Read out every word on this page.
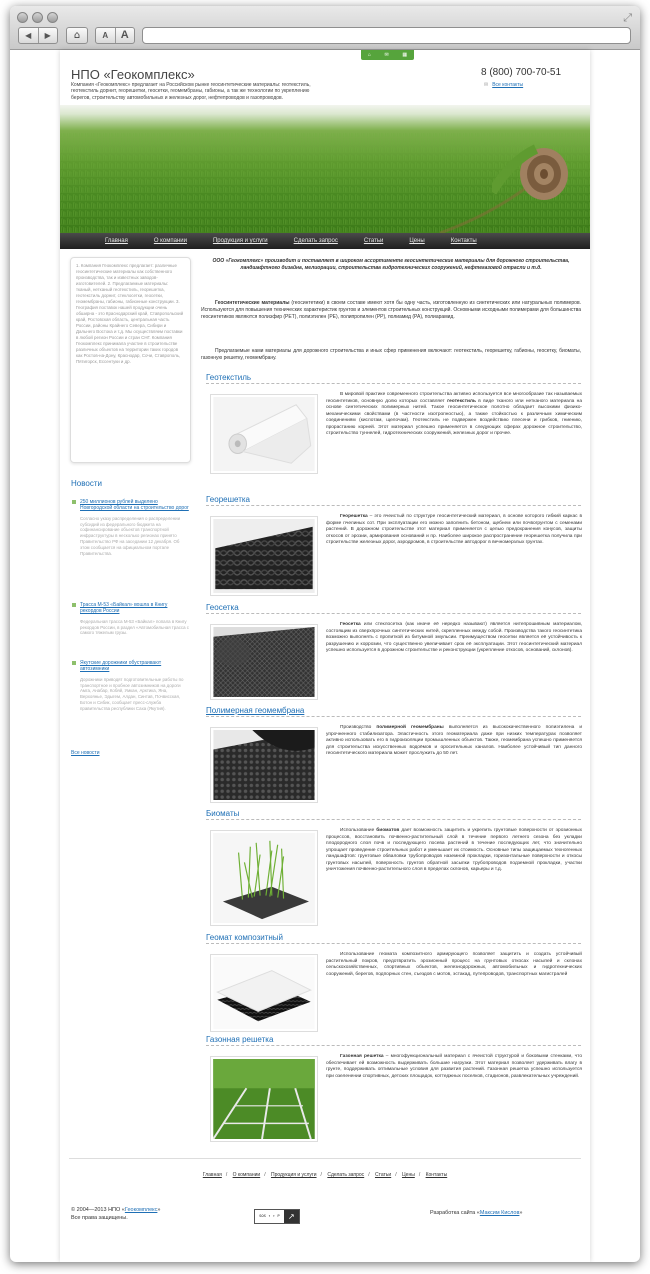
⤢
◀	▶	⌂	A	A
⌂	✉	▦
НПО «Геокомплекс»
Компания «Геокомплекс» предлагает на Российском рынке геосинтетические материалы: геотекстиль, геотекстиль дорнит, георешетки, геосетки, геомембраны, габионы, а так же технологии по укреплению берегов, строительству автомобильных и железных дорог, нефтепроводов и газопроводов.
8 (800) 700-70-51
✉ Все контакты
Главная	О компании	Продукция и услуги	Сделать запрос	Статьи	Цены	Контакты
1. Компания Геокомплекс предлагает: различные геосинтетические материалы как собственного производства, так и известных заводов-изготовителей. 2. Предлагаемые материалы: тканый, нетканый геотекстиль, георешетка, геотекстиль дорнит, стеклосетки, геосетки, геомембраны, габионы, габионные конструкции. 3. География поставок нашей продукции очень обширна - это Краснодарский край, Ставропольский край, Ростовская область, центральная часть России, районы Крайнего Севера, Сибири и Дальнего Востока и т.д. Мы осуществляем поставки в любой регион России и стран СНГ. Компания Геокомплекс принимала участие в строительстве различных объектов на территории таких городов как Ростов-на-Дону, Краснодар, Сочи, Ставрополь, Пятигорск, Ессентуки и др.
Новости
250 миллионов рублей выделено Новгородской области на строительство дорог
Согласно указу распределения о распределении субсидий из федерального бюджета на софинансирование объектов транспортной инфраструктуры в несколько регионах принято Правительство РФ на заседании 12 декабря. Об этом сообщается на официальном портале Правительства.
Трасса М-53 «Байкал» вошла в Книгу рекордов России
Федеральная трасса М-53 «Байкал» попала в Книгу рекордов России, в раздел «Автомобильная трасса с самого тяжелым грузы.
Якутские дорожники обустраивают автозимники
Дорожники приводят подготовительные работы по транспортное и пробное автозимников на дороги Амга, Анабар, Кобяй, Умкан, Арктика, Яна, Верхоянье, Эдыгем, Алдан, Синтав, Почвисская, Ботон и Сибик, сообщает пресс-служба правительства республики Саха (Якутия).
Все новости
ООО «Геокомплекс» производит и поставляет в широком ассортименте геосинтетические материалы для дорожного строительства, ландшафтного дизайна, мелиорации, строительства гидротехнических сооружений, нефтегазовой отрасли и т.д.
Геосинтетические материалы (геосинтетики) в своем составе имеют хотя бы одну часть, изготовленную из синтетических или натуральных полимеров. Используются для повышения технических характеристик грунтов и элементов строительных конструкций. Основными исходными полимерами для большинства геосинтетиков являются полиэфир (PET), полиэтилен (PE), полипропилен (PP), полиамид (PA), полиарамид.
Предлагаемые нами материалы для дорожного строительства и иных сфер применения включают: геотекстиль, георешетку, габионы, геосетку, биоматы, газонную решетку, геомембрану.
Геотекстиль
В мировой практике современного строительства активно используется все многообразие так называемых геосинтетиков, основную долю которых составляет геотекстиль в виде тканого или нетканого материала на основе синтетических полимерных нитей. Такое геосинтетическое полотно обладает высокими физико-механическими свойствами (в частности изотропностью), а также стойкостью к различным химическим соединениям (кислотам, щелочам). Геотекстиль не подвержен воздействию плесени и грибков, гниению, прорастанию корней. Этот материал успешно применяется в следующих сферах дорожное строительство, строительство туннелей, гидротехнических сооружений, железных дорог и прочее.
Георешетка
Георешетка – это ячеистый по структуре геосинтетический материал, в основе которого гибкий каркас в форме пчелиных сот. При эксплуатации его можно заполнить бетоном, щебнем или почвогрунтом с семенами растений. В дорожном строительстве этот материал применяется с целью предохранения конусов, защиты откосов от эрозии, армирования оснований и пр. Наиболее широкое распространение георешетка получила при строительстве железных дорог, аэродромов, в строительстве автодорог в вечномерзлых грунтах.
Геосетка
Геосетка или стеклосетка (как иначе её нередко называют) является нитепрошивным материалом, состоящим из сверхпрочных синтетических нитей, скрепленных между собой. Производства такого геосинтетика возможно выполнять с пропиткой из битумной эмульсии. Преимуществом геосетки является её устойчивость к разрушению и коррозии, что существенно увеличивает срок её эксплуатации. Этот геосинтетический материал успешно используется в дорожном строительстве и реконструкции (укрепление откосов, оснований, склонов).
Полимерная геомембрана
Производство полимерной геомембраны выполняется из высококачественного полиэтилена и упрочненного стабилизатора. Эластичность этого геоматериала даже при низких температурах позволяет активно использовать его в гидроизоляции промышленных объектов. Также, геомембрана успешно применяется для строительства искусственных водоёмов и оросительных каналов. Наиболее устойчивый тип данного геосинтетического материала может прослужить до 50 лет.
Биоматы
Использование биоматов дает возможность защитить и укрепить грунтовые поверхности от эрозионных процессов, восстановить почвенно-растительный слой в течение первого летнего сезона без укладки плодородного слоя почв и последующего посева растений в течение последующих лет, что значительно упрощает проведение строительных работ и уменьшает их стоимость. Основные типы защищаемых техногенных ландшафтов: грунтовые обваловки трубопроводов наземной прокладки, горизонтальные поверхности и откосы грунтовых насыпей, поверхность грунтов обратной засыпки трубопроводов подземной прокладки, участки уничтожения почвенно-растительного слоя в пределах склонов, карьеры и т.д.
Геомат композитный
Использование геомата композитного армирующего позволяет защитить и создать устойчивый растительный покров, предотвратить эрозионный процесс на грунтовых откосах насыпей и склонах сельскохозяйственных, спортивных объектов, железнодорожных, автомобильных и гидротехнических сооружений, берегов, подпорных стен, съездов с мотов, эстакад, путепроводов, транспортных магистралей
Газонная решетка
Газонная решетка – многофункциональный материал с ячеистой структурой и боковыми стенками, что обеспечивает ей возможность выдерживать большие нагрузки. Этот материал позволяет удерживать влагу в грунте, поддерживать оптимальные условия для развития растений. Газонная решетка успешно используется при озеленении спортивных, детских площадок, коттеджных поселков, стадионов, развлекательных учреждений.
Главная / О компании / Продукция и услуги / Сделать запрос / Статьи / Цены / Контакты
© 2004—2013 НПО «Геокомплекс»
Все права защищены.	SOS ↑ ↑ P	↗	Разработка сайта «Максим Кислов»
